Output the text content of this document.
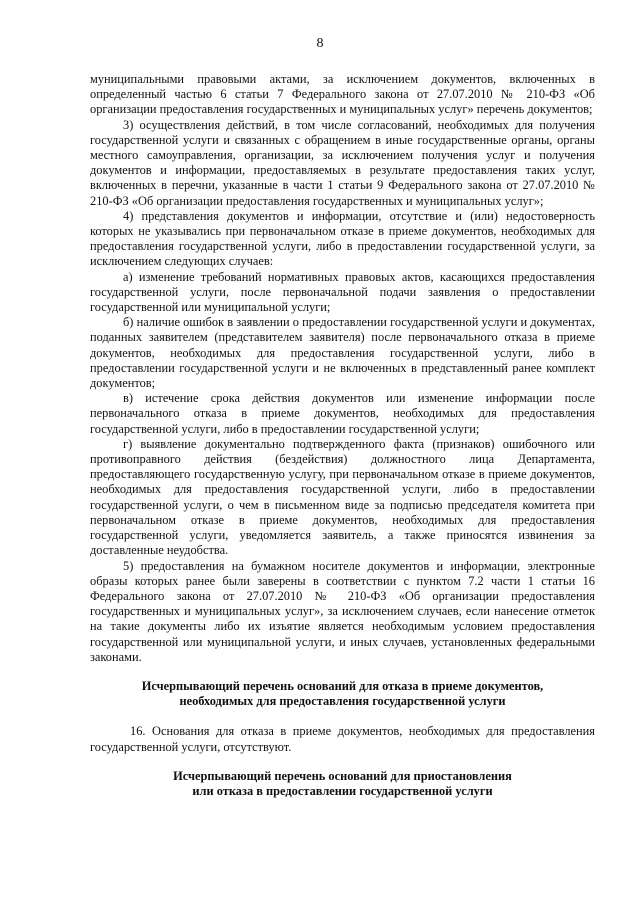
8

муниципальными правовыми актами, за исключением документов, включенных в определенный частью 6 статьи 7 Федерального закона от 27.07.2010 № 210-ФЗ «Об организации предоставления государственных и муниципальных услуг» перечень документов;

3) осуществления действий, в том числе согласований, необходимых для получения государственной услуги и связанных с обращением в иные государственные органы, органы местного самоуправления, организации, за исключением получения услуг и получения документов и информации, предоставляемых в результате предоставления таких услуг, включенных в перечни, указанные в части 1 статьи 9 Федерального закона от 27.07.2010 № 210-ФЗ «Об организации предоставления государственных и муниципальных услуг»;

4) представления документов и информации, отсутствие и (или) недостоверность которых не указывались при первоначальном отказе в приеме документов, необходимых для предоставления государственной услуги, либо в предоставлении государственной услуги, за исключением следующих случаев:

а) изменение требований нормативных правовых актов, касающихся предоставления государственной услуги, после первоначальной подачи заявления о предоставлении государственной или муниципальной услуги;

б) наличие ошибок в заявлении о предоставлении государственной услуги и документах, поданных заявителем (представителем заявителя) после первоначального отказа в приеме документов, необходимых для предоставления государственной услуги, либо в предоставлении государственной услуги и не включенных в представленный ранее комплект документов;

в) истечение срока действия документов или изменение информации после первоначального отказа в приеме документов, необходимых для предоставления государственной услуги, либо в предоставлении государственной услуги;

г) выявление документально подтвержденного факта (признаков) ошибочного или противоправного действия (бездействия) должностного лица Департамента, предоставляющего государственную услугу, при первоначальном отказе в приеме документов, необходимых для предоставления государственной услуги, либо в предоставлении государственной услуги, о чем в письменном виде за подписью председателя комитета при первоначальном отказе в приеме документов, необходимых для предоставления государственной услуги, уведомляется заявитель, а также приносятся извинения за доставленные неудобства.

5) предоставления на бумажном носителе документов и информации, электронные образы которых ранее были заверены в соответствии с пунктом 7.2 части 1 статьи 16 Федерального закона от 27.07.2010 № 210-ФЗ «Об организации предоставления государственных и муниципальных услуг», за исключением случаев, если нанесение отметок на такие документы либо их изъятие является необходимым условием предоставления государственной или муниципальной услуги, и иных случаев, установленных федеральными законами.

Исчерпывающий перечень оснований для отказа в приеме документов,
необходимых для предоставления государственной услуги

16. Основания для отказа в приеме документов, необходимых для предоставления государственной услуги, отсутствуют.

Исчерпывающий перечень оснований для приостановления
или отказа в предоставлении государственной услуги
